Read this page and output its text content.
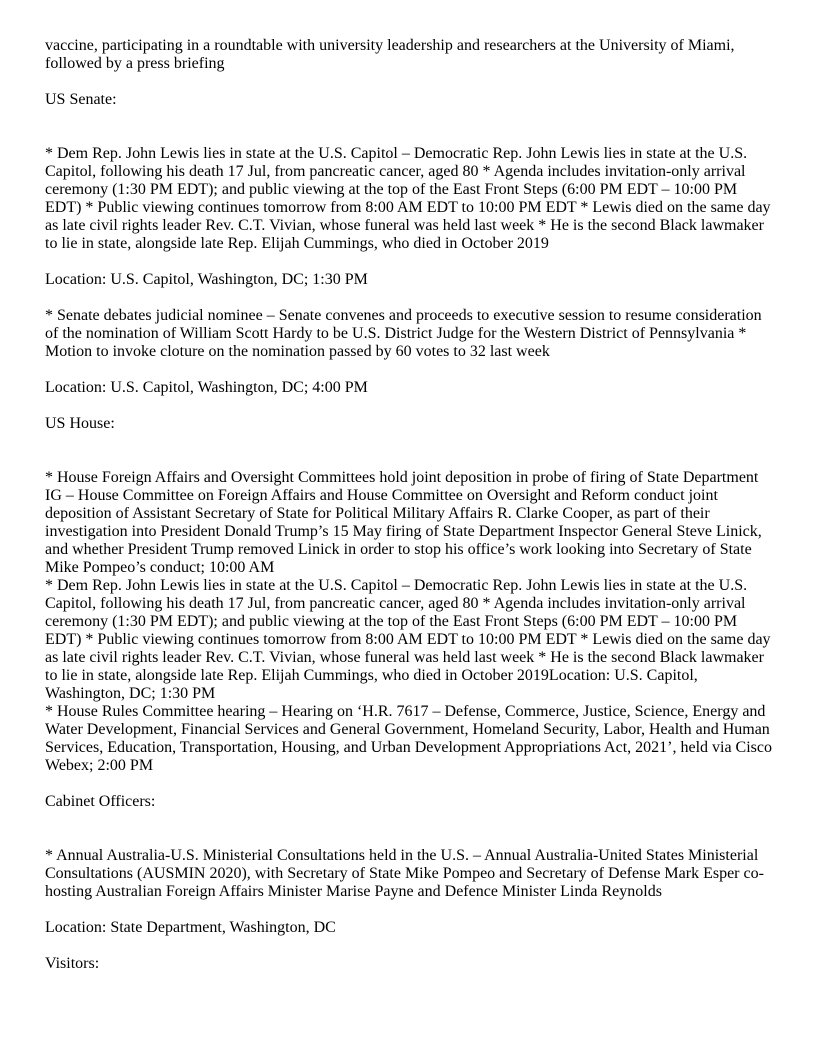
vaccine, participating in a roundtable with university leadership and researchers at the University of Miami, followed by a press briefing

US Senate:

* Dem Rep. John Lewis lies in state at the U.S. Capitol – Democratic Rep. John Lewis lies in state at the U.S. Capitol, following his death 17 Jul, from pancreatic cancer, aged 80 * Agenda includes invitation-only arrival ceremony (1:30 PM EDT); and public viewing at the top of the East Front Steps (6:00 PM EDT – 10:00 PM EDT) * Public viewing continues tomorrow from 8:00 AM EDT to 10:00 PM EDT * Lewis died on the same day as late civil rights leader Rev. C.T. Vivian, whose funeral was held last week * He is the second Black lawmaker to lie in state, alongside late Rep. Elijah Cummings, who died in October 2019

Location: U.S. Capitol, Washington, DC; 1:30 PM

* Senate debates judicial nominee – Senate convenes and proceeds to executive session to resume consideration of the nomination of William Scott Hardy to be U.S. District Judge for the Western District of Pennsylvania * Motion to invoke cloture on the nomination passed by 60 votes to 32 last week

Location: U.S. Capitol, Washington, DC; 4:00 PM

US House:

* House Foreign Affairs and Oversight Committees hold joint deposition in probe of firing of State Department IG – House Committee on Foreign Affairs and House Committee on Oversight and Reform conduct joint deposition of Assistant Secretary of State for Political Military Affairs R. Clarke Cooper, as part of their investigation into President Donald Trump’s 15 May firing of State Department Inspector General Steve Linick, and whether President Trump removed Linick in order to stop his office’s work looking into Secretary of State Mike Pompeo’s conduct; 10:00 AM

* Dem Rep. John Lewis lies in state at the U.S. Capitol – Democratic Rep. John Lewis lies in state at the U.S. Capitol, following his death 17 Jul, from pancreatic cancer, aged 80 * Agenda includes invitation-only arrival ceremony (1:30 PM EDT); and public viewing at the top of the East Front Steps (6:00 PM EDT – 10:00 PM EDT) * Public viewing continues tomorrow from 8:00 AM EDT to 10:00 PM EDT * Lewis died on the same day as late civil rights leader Rev. C.T. Vivian, whose funeral was held last week * He is the second Black lawmaker to lie in state, alongside late Rep. Elijah Cummings, who died in October 2019Location: U.S. Capitol, Washington, DC; 1:30 PM

* House Rules Committee hearing – Hearing on ‘H.R. 7617 – Defense, Commerce, Justice, Science, Energy and Water Development, Financial Services and General Government, Homeland Security, Labor, Health and Human Services, Education, Transportation, Housing, and Urban Development Appropriations Act, 2021’, held via Cisco Webex; 2:00 PM

Cabinet Officers:

* Annual Australia-U.S. Ministerial Consultations held in the U.S. – Annual Australia-United States Ministerial Consultations (AUSMIN 2020), with Secretary of State Mike Pompeo and Secretary of Defense Mark Esper co-hosting Australian Foreign Affairs Minister Marise Payne and Defence Minister Linda Reynolds

Location: State Department, Washington, DC

Visitors:
